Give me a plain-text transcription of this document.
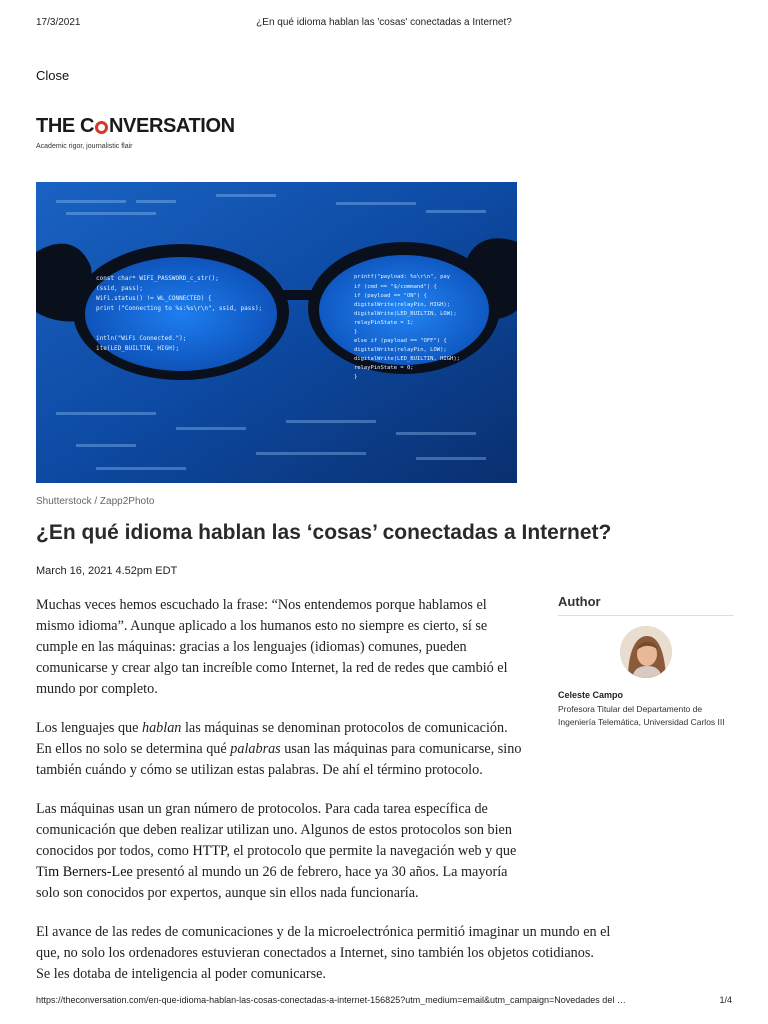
17/3/2021	¿En qué idioma hablan las 'cosas' conectadas a Internet?
Close
THE C NVERSATION
Academic rigor, journalistic flair
const char* WIFI_PASSWORD_c_str();
(ssid, pass);
WiFi.status() != WL_CONNECTED) {
print ("Connecting to %s:%s\r\n", ssid, pass);
intln("WiFi Connected.");
ite(LED_BUILTIN, HIGH);
printf("payload: %s\r\n", pay
if (cmd == "$/command") {
if (payload == "ON") {
digitalWrite(relayPin, HIGH);
digitalWrite(LED_BUILTIN, LOW);
relayPinState = 1;
}
else if (payload == "OFF") {
digitalWrite(relayPin, LOW);
digitalWrite(LED_BUILTIN, HIGH);
relayPinState = 0;
}
Shutterstock / Zapp2Photo
¿En qué idioma hablan las ‘cosas’ conectadas a Internet?
March 16, 2021 4.52pm EDT

Muchas veces hemos escuchado la frase: “Nos entendemos porque hablamos el mismo idioma”. Aunque aplicado a los humanos esto no siempre es cierto, sí se cumple en las máquinas: gracias a los lenguajes (idiomas) comunes, pueden comunicarse y crear algo tan increíble como Internet, la red de redes que cambió el mundo por completo.

Los lenguajes que hablan las máquinas se denominan protocolos de comunicación. En ellos no solo se determina qué palabras usan las máquinas para comunicarse, sino también cuándo y cómo se utilizan estas palabras. De ahí el término protocolo.

Las máquinas usan un gran número de protocolos. Para cada tarea específica de comunicación que deben realizar utilizan uno. Algunos de estos protocolos son bien conocidos por todos, como HTTP, el protocolo que permite la navegación web y que Tim Berners-Lee presentó al mundo un 26 de febrero, hace ya 30 años. La mayoría solo son conocidos por expertos, aunque sin ellos nada funcionaría.

El avance de las redes de comunicaciones y de la microelectrónica permitió imaginar un mundo en el que, no solo los ordenadores estuvieran conectados a Internet, sino también los objetos cotidianos. Se les dotaba de inteligencia al poder comunicarse.

Author
Celeste Campo
Profesora Titular del Departamento de Ingeniería Telemática, Universidad Carlos III
https://theconversation.com/en-que-idioma-hablan-las-cosas-conectadas-a-internet-156825?utm_medium=email&utm_campaign=Novedades del …	1/4
